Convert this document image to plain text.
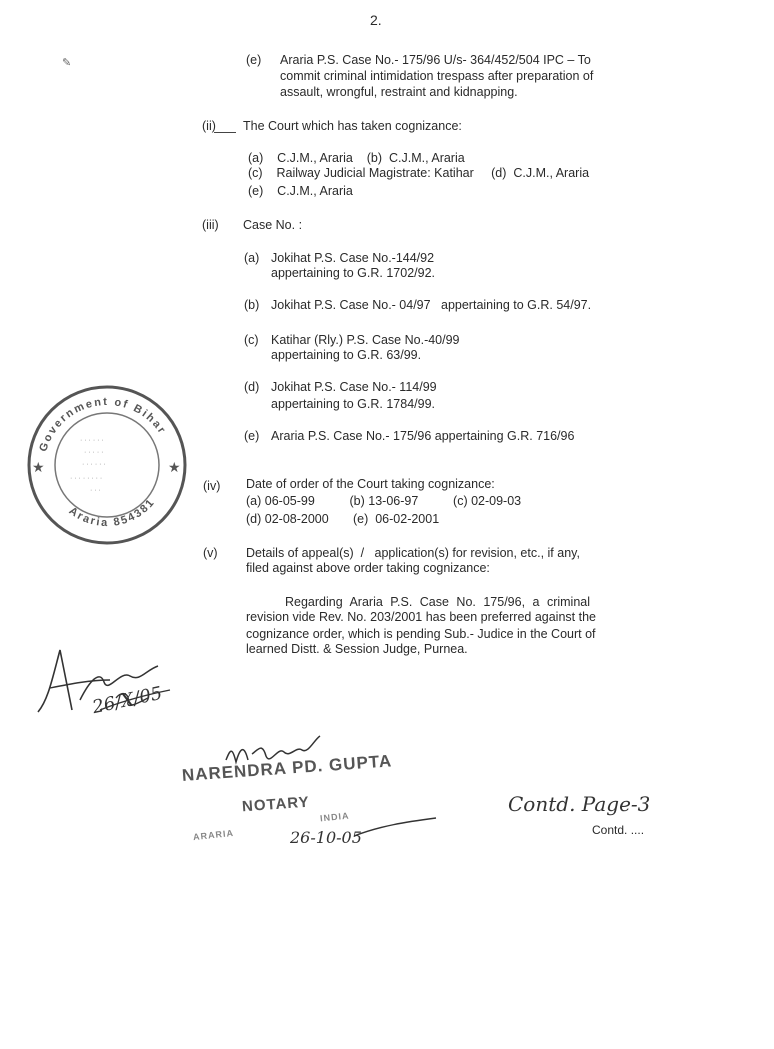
2.
✎	(e) Araria P.S. Case No.- 175/96 U/s- 364/452/504 IPC – To
commit criminal intimidation trespass after preparation of
assault, wrongful, restraint and kidnapping.
(ii) The Court which has taken cognizance:
(a)    C.J.M., Araria    (b)  C.J.M., Araria
(c)    Railway Judicial Magistrate: Katihar     (d)  C.J.M., Araria
(e)    C.J.M., Araria
(iii) Case No. :
(a) Jokihat P.S. Case No.-144/92
appertaining to G.R. 1702/92.
(b) Jokihat P.S. Case No.- 04/97   appertaining to G.R. 54/97.
(c) Katihar (Rly.) P.S. Case No.-40/99
appertaining to G.R. 63/99.
(d) Jokihat P.S. Case No.- 114/99
appertaining to G.R. 1784/99.
(e) Araria P.S. Case No.- 175/96 appertaining G.R. 716/96
(iv) Date of order of the Court taking cognizance:
(a) 06-05-99          (b) 13-06-97          (c) 02-09-03
(d) 02-08-2000       (e)  06-02-2001
(v) Details of appeal(s)  /   application(s) for revision, etc., if any,
filed against above order taking cognizance:
Regarding Araria P.S. Case No. 175/96, a criminal
revision vide Rev. No. 203/2001 has been preferred against the
cognizance order, which is pending Sub.- Judice in the Court of
learned Distt. & Session Judge, Purnea.
Government of Bihar
Araria 854381
★	★
· · · · · ·
· · · · ·
· · · · · ·
· · · · · · · ·
· · ·
26/X/05
NARENDRA PD. GUPTA
NOTARY
ARARIA
INDIA
26-10-05
Contd. Page-3
Contd. ....
